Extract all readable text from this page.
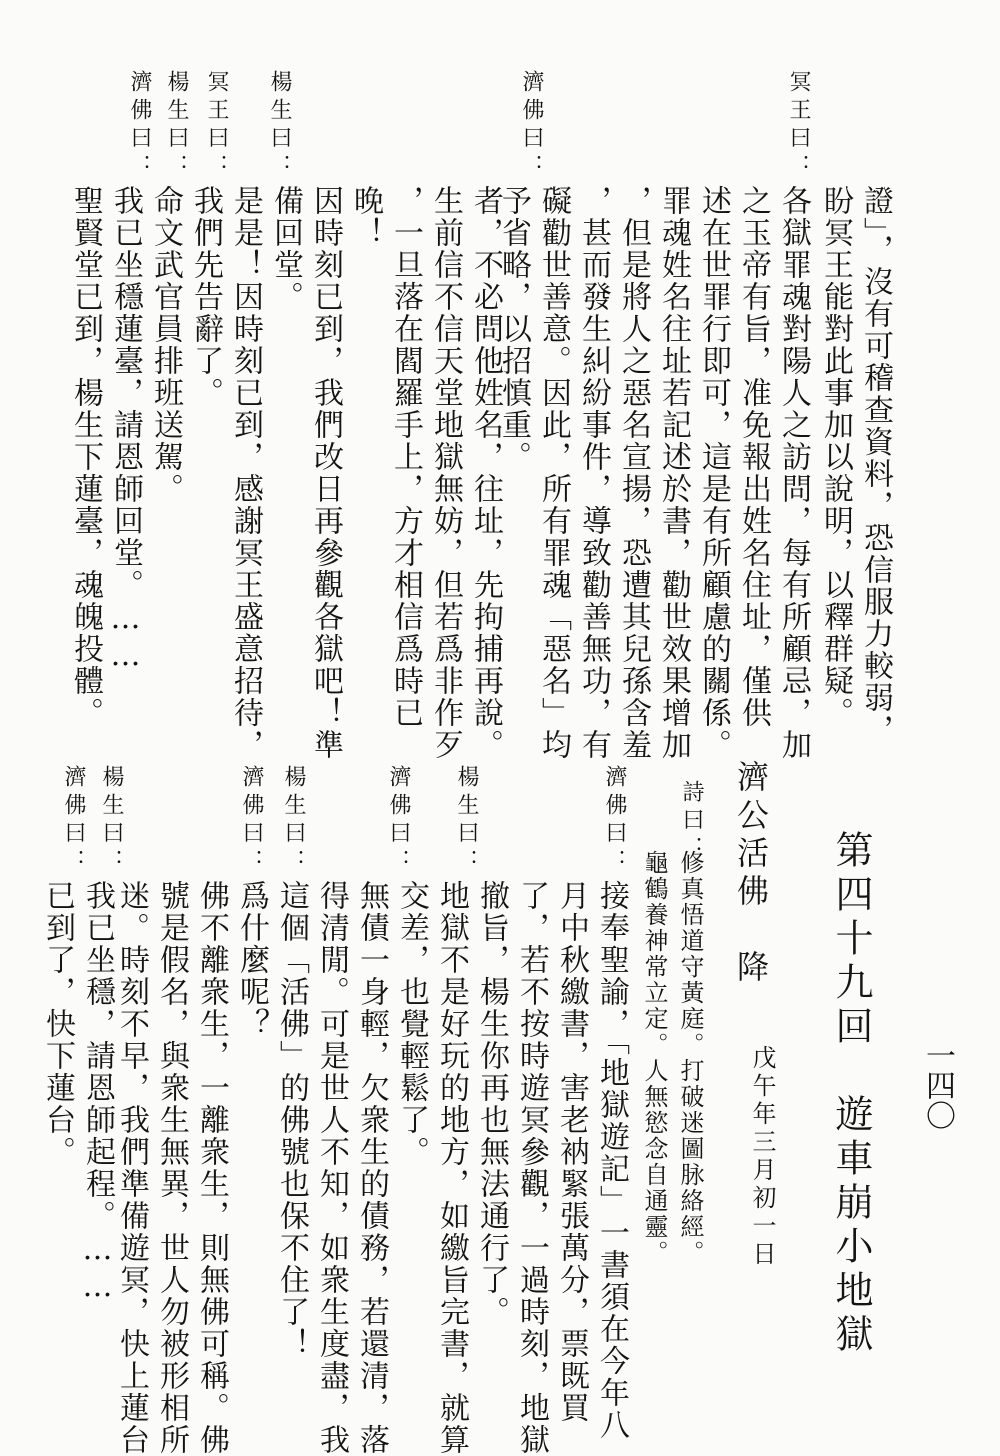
一四〇
證」，沒有可稽查資料，恐信服力較弱，
盼冥王能對此事加以說明，以釋群疑。
冥王曰：
各獄罪魂對陽人之訪問，每有所顧忌，加
之玉帝有旨，准免報出姓名住址，僅供
述在世罪行即可，這是有所顧慮的關係。
罪魂姓名往址若記述於書，勸世效果增加
，但是將人之惡名宣揚，恐遭其兒孫含羞
，甚而發生糾紛事件，導致勸善無功，有
礙勸世善意。因此，所有罪魂「惡名」均
予省略，以招慎重。
濟佛曰：
者，不必問他姓名，往址，先拘捕再說。
生前信不信天堂地獄無妨，但若爲非作歹
，一旦落在閻羅手上，方才相信爲時已
晚！
因時刻已到，我們改日再參觀各獄吧！準
備回堂。
楊生曰：
是是！因時刻已到，感謝冥王盛意招待，
我們先告辭了。
冥王曰：
命文武官員排班送駕。
楊生曰：
我已坐穩蓮臺，請恩師回堂。……
濟佛曰：
聖賢堂已到，楊生下蓮臺，魂魄投體。
第四十九回　遊車崩小地獄
戊午年三月初一日
濟公活佛　降
詩曰：
修真悟道守黃庭。打破迷圖脉絡經。
龜鶴養神常立定。人無慾念自通靈。
濟佛曰：
接奉聖諭，「地獄遊記」一書須在今年八
月中秋繳書，害老衲緊張萬分，票既買
了，若不按時遊冥參觀，一過時刻，地獄
撤旨，楊生你再也無法通行了。
楊生曰：
地獄不是好玩的地方，如繳旨完書，就算
交差，也覺輕鬆了。
濟佛曰：
無債一身輕，欠衆生的債務，若還清，落
得清閒。可是世人不知，如衆生度盡，我
這個「活佛」的佛號也保不住了！
楊生曰：
濟佛曰：
爲什麼呢？
佛不離衆生，一離衆生，則無佛可稱。佛
號是假名，與衆生無異，世人勿被形相所
迷。時刻不早，我們準備遊冥，快上蓮台
楊生曰：
我已坐穩，請恩師起程。……
濟佛曰：
已到了，快下蓮台。
